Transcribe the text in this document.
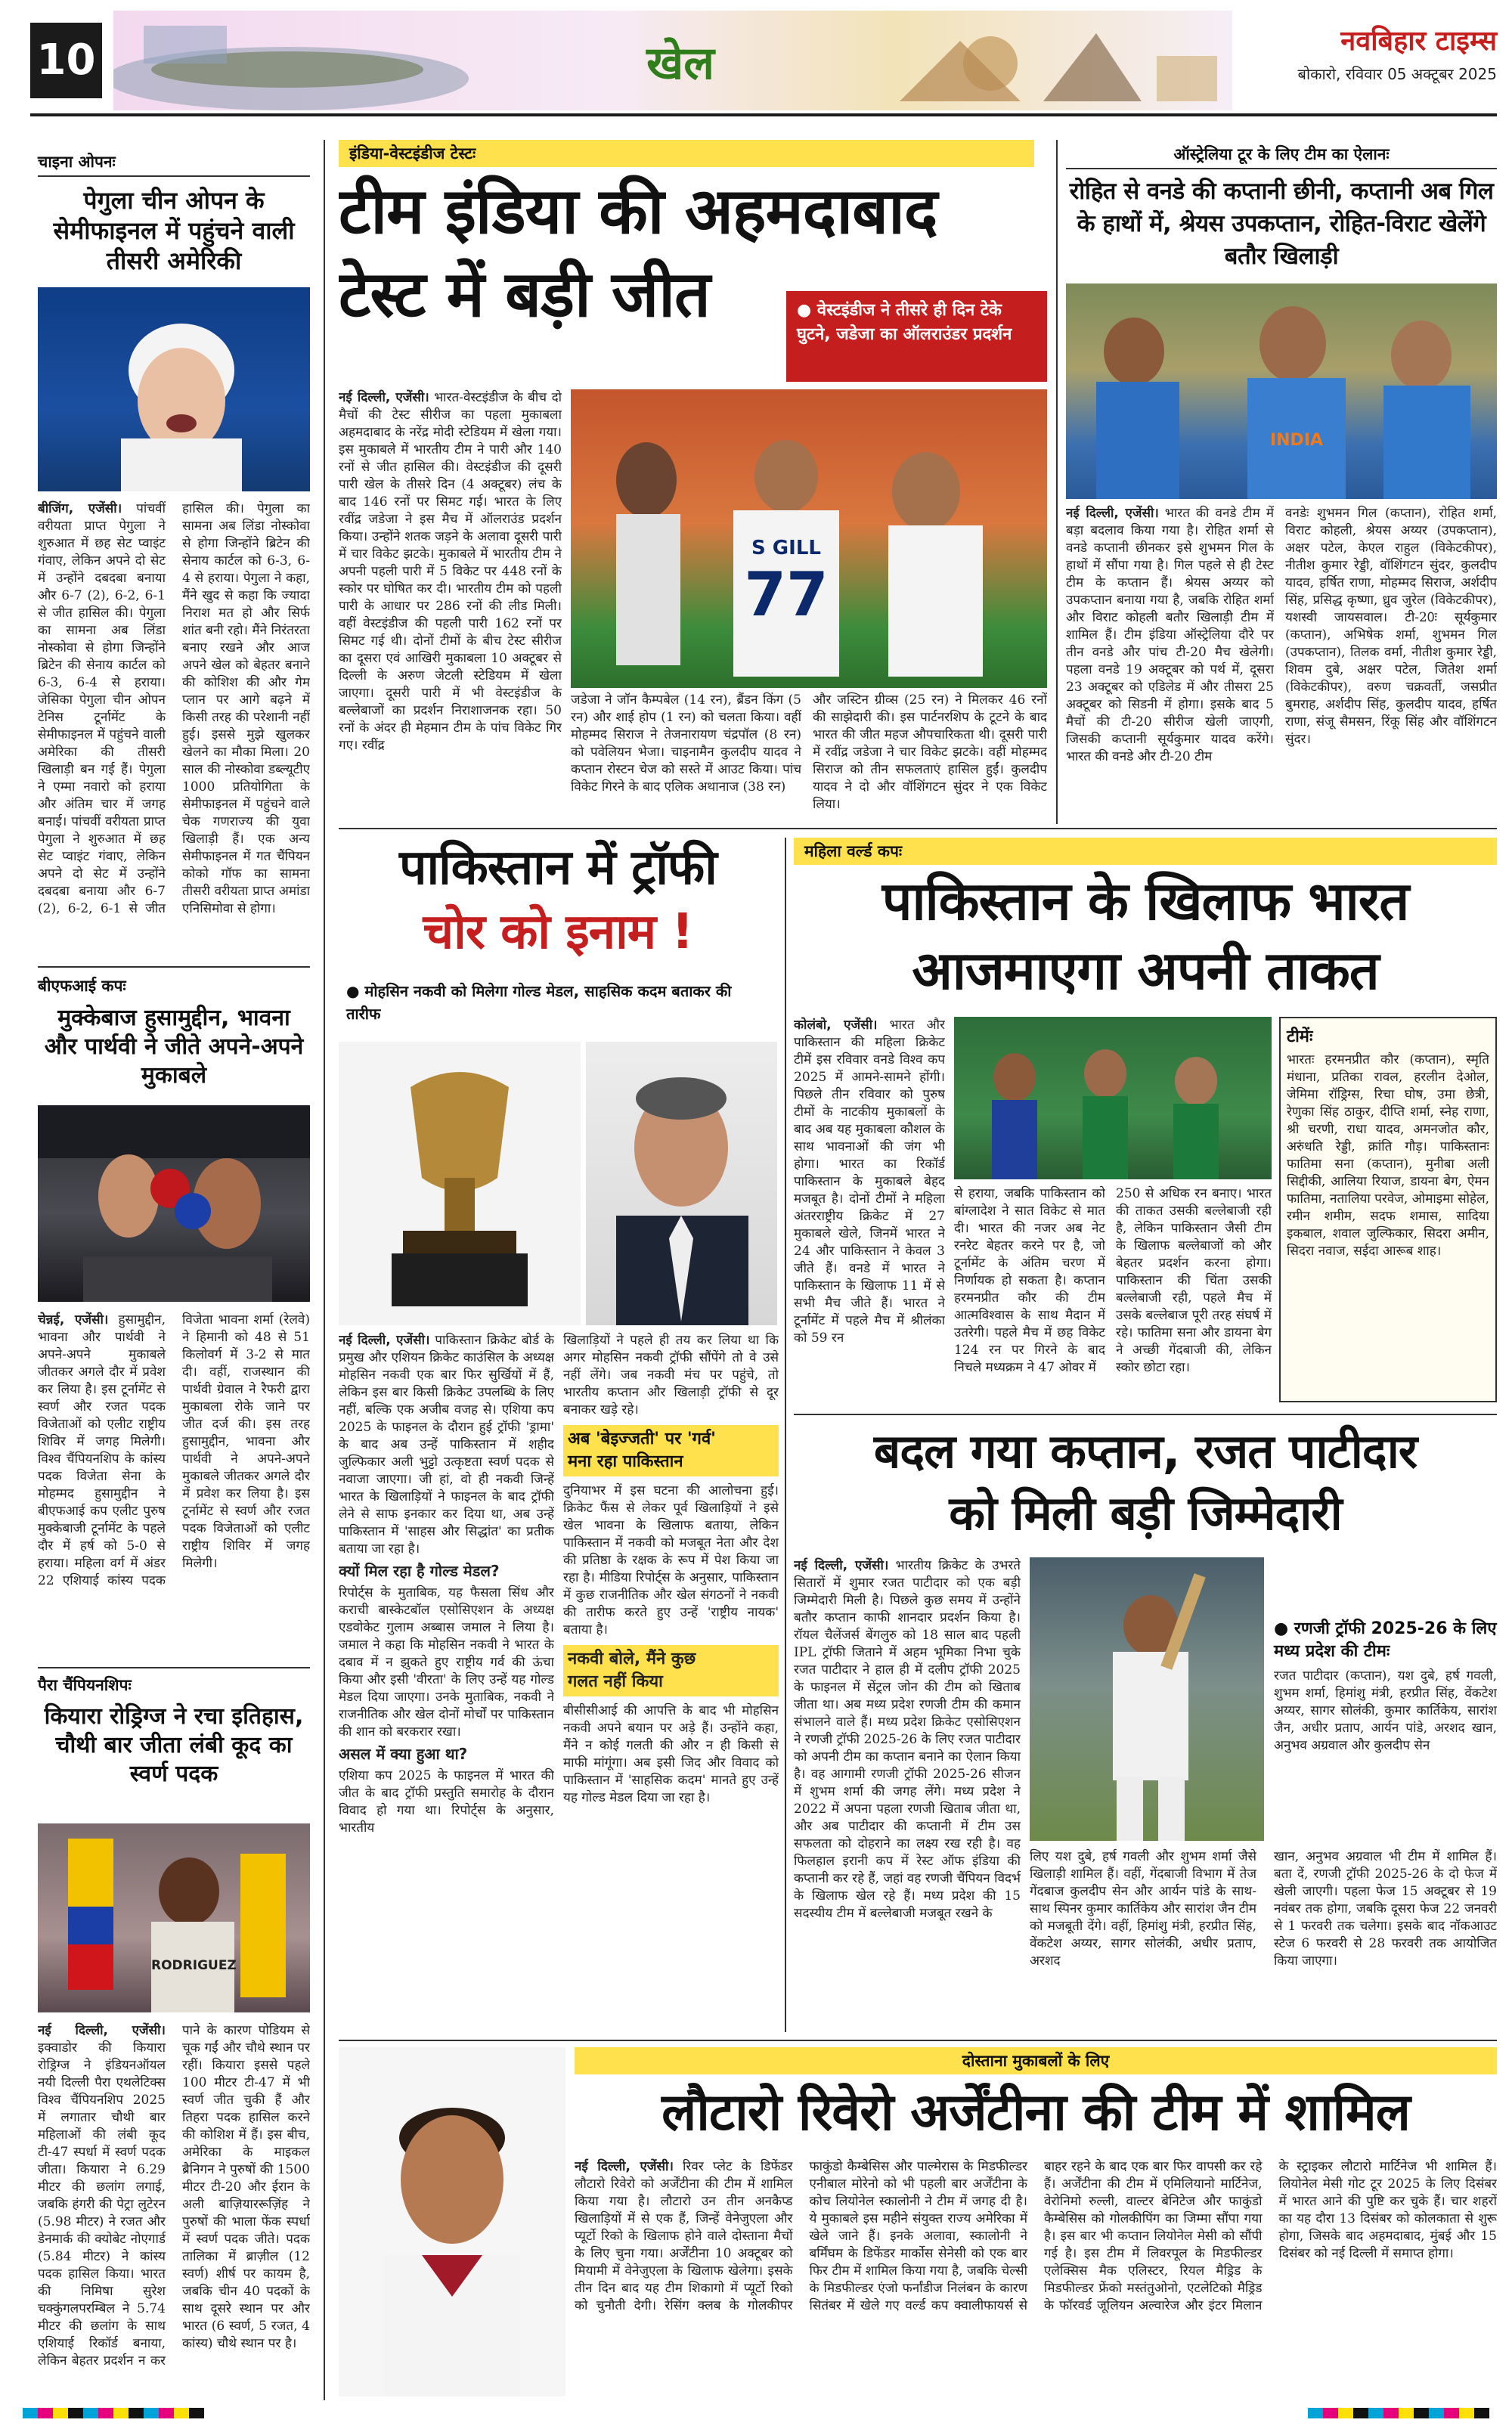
10	खेल	नवबिहार टाइम्स
बोकारो, रविवार 05 अक्टूबर 2025
चाइना ओपनः
पेगुला चीन ओपन के सेमीफाइनल में पहुंचने वाली तीसरी अमेरिकी
बीजिंग, एजेंसी। पांचवीं वरीयता प्राप्त पेगुला ने शुरुआत में छह सेट प्वाइंट गंवाए, लेकिन अपने दो सेट में उन्होंने दबदबा बनाया और 6-7 (2), 6-2, 6-1 से जीत हासिल की। पेगुला का सामना अब लिंडा नोस्कोवा से होगा जिन्होंने ब्रिटेन की सेनाय कार्टल को 6-3, 6-4 से हराया। जेसिका पेगुला चीन ओपन टेनिस टूर्नामेंट के सेमीफाइनल में पहुंचने वाली अमेरिका की तीसरी खिलाड़ी बन गई हैं। पेगुला ने एम्मा नवारो को हराया और अंतिम चार में जगह बनाई। पांचवीं वरीयता प्राप्त पेगुला ने शुरुआत में छह सेट प्वाइंट गंवाए, लेकिन अपने दो सेट में उन्होंने दबदबा बनाया और 6-7 (2), 6-2, 6-1 से जीत हासिल की। पेगुला का सामना अब लिंडा नोस्कोवा से होगा जिन्होंने ब्रिटेन की सेनाय कार्टल को 6-3, 6-4 से हराया। पेगुला ने कहा, मैंने खुद से कहा कि ज्यादा निराश मत हो और सिर्फ शांत बनी रहो। मैंने निरंतरता बनाए रखने और आज अपने खेल को बेहतर बनाने की कोशिश की और गेम प्लान पर आगे बढ़ने में किसी तरह की परेशानी नहीं हुई। इससे मुझे खुलकर खेलने का मौका मिला। 20 साल की नोस्कोवा डब्ल्यूटीए 1000 प्रतियोगिता के सेमीफाइनल में पहुंचने वाले चेक गणराज्य की युवा खिलाड़ी हैं। एक अन्य सेमीफाइनल में गत चैंपियन कोको गॉफ का सामना तीसरी वरीयता प्राप्त अमांडा एनिसिमोवा से होगा।
बीएफआई कपः
मुक्केबाज हुसामुद्दीन, भावना और पार्थवी ने जीते अपने-अपने मुकाबले
चेन्नई, एजेंसी। हुसामुद्दीन, भावना और पार्थवी ने अपने-अपने मुकाबले जीतकर अगले दौर में प्रवेश कर लिया है। इस टूर्नामेंट से स्वर्ण और रजत पदक विजेताओं को एलीट राष्ट्रीय शिविर में जगह मिलेगी। विश्व चैंपियनशिप के कांस्य पदक विजेता सेना के मोहम्मद हुसामुद्दीन ने बीएफआई कप एलीट पुरुष मुक्केबाजी टूर्नामेंट के पहले दौर में हर्ष को 5-0 से हराया। महिला वर्ग में अंडर 22 एशियाई कांस्य पदक विजेता भावना शर्मा (रेलवे) ने हिमानी को 48 से 51 किलोवर्ग में 3-2 से मात दी। वहीं, राजस्थान की पार्थवी ग्रेवाल ने रैफरी द्वारा मुकाबला रोके जाने पर जीत दर्ज की। इस तरह हुसामुद्दीन, भावना और पार्थवी ने अपने-अपने मुकाबले जीतकर अगले दौर में प्रवेश कर लिया है। इस टूर्नामेंट से स्वर्ण और रजत पदक विजेताओं को एलीट राष्ट्रीय शिविर में जगह मिलेगी।
पैरा चैंपियनशिपः
कियारा रोड्रिग्ज ने रचा इतिहास, चौथी बार जीता लंबी कूद का स्वर्ण पदक
RODRIGUEZ
नई दिल्ली, एजेंसी। इक्वाडोर की कियारा रोड्रिग्ज ने इंडियनऑयल नयी दिल्ली पैरा एथलेटिक्स विश्व चैंपियनशिप 2025 में लगातार चौथी बार महिलाओं की लंबी कूद टी-47 स्पर्धा में स्वर्ण पदक जीता। कियारा ने 6.29 मीटर की छलांग लगाई, जबकि हंगरी की पेट्रा लुटेरन (5.98 मीटर) ने रजत और डेनमार्क की क्योबेट नोएगार्ड (5.84 मीटर) ने कांस्य पदक हासिल किया। भारत की निमिषा सुरेश चक्कुंगलपरम्बिल ने 5.74 मीटर की छलांग के साथ एशियाई रिकॉर्ड बनाया, लेकिन बेहतर प्रदर्शन न कर पाने के कारण पोडियम से चूक गईं और चौथे स्थान पर रहीं। कियारा इससे पहले 100 मीटर टी-47 में भी स्वर्ण जीत चुकी हैं और तिहरा पदक हासिल करने की कोशिश में हैं। इस बीच, अमेरिका के माइकल ब्रैनिगन ने पुरुषों की 1500 मीटर टी-20 और ईरान के अली बाज़ियाररूज़िंह ने पुरुषों की भाला फेंक स्पर्धा में स्वर्ण पदक जीते। पदक तालिका में ब्राज़ील (12 स्वर्ण) शीर्ष पर कायम है, जबकि चीन 40 पदकों के साथ दूसरे स्थान पर और भारत (6 स्वर्ण, 5 रजत, 4 कांस्य) चौथे स्थान पर है।
इंडिया-वेस्टइंडीज टेस्टः
टीम इंडिया की अहमदाबाद
टेस्ट में बड़ी जीत	● वेस्टइंडीज ने तीसरे ही दिन टेके
घुटने, जडेजा का ऑलराउंडर प्रदर्शन
S GILL
77
नई दिल्ली, एजेंसी। भारत-वेस्टइंडीज के बीच दो मैचों की टेस्ट सीरीज का पहला मुकाबला अहमदाबाद के नरेंद्र मोदी स्टेडियम में खेला गया। इस मुकाबले में भारतीय टीम ने पारी और 140 रनों से जीत हासिल की। वेस्टइंडीज की दूसरी पारी खेल के तीसरे दिन (4 अक्टूबर) लंच के बाद 146 रनों पर सिमट गई। भारत के लिए रवींद्र जडेजा ने इस मैच में ऑलराउंड प्रदर्शन किया। उन्होंने शतक जड़ने के अलावा दूसरी पारी में चार विकेट झटके। मुकाबले में भारतीय टीम ने अपनी पहली पारी में 5 विकेट पर 448 रनों के स्कोर पर घोषित कर दी। भारतीय टीम को पहली पारी के आधार पर 286 रनों की लीड मिली। वहीं वेस्टइंडीज की पहली पारी 162 रनों पर सिमट गई थी। दोनों टीमों के बीच टेस्ट सीरीज का दूसरा एवं आखिरी मुकाबला 10 अक्टूबर से दिल्ली के अरुण जेटली स्टेडियम में खेला जाएगा। दूसरी पारी में भी वेस्टइंडीज के बल्लेबाजों का प्रदर्शन निराशाजनक रहा। 50 रनों के अंदर ही मेहमान टीम के पांच विकेट गिर गए। रवींद्र
जडेजा ने जॉन कैम्पबेल (14 रन), ब्रैंडन किंग (5 रन) और शाई होप (1 रन) को चलता किया। वहीं मोहम्मद सिराज ने तेजनारायण चंद्रपॉल (8 रन) को पवेलियन भेजा। चाइनामैन कुलदीप यादव ने कप्तान रोस्टन चेज को सस्ते में आउट किया। पांच विकेट गिरने के बाद एलिक अथानाज (38 रन)
और जस्टिन ग्रीव्स (25 रन) ने मिलकर 46 रनों की साझेदारी की। इस पार्टनरशिप के टूटने के बाद भारत की जीत महज औपचारिकता थी। दूसरी पारी में रवींद्र जडेजा ने चार विकेट झटके। वहीं मोहम्मद सिराज को तीन सफलताएं हासिल हुईं। कुलदीप यादव ने दो और वॉशिंगटन सुंदर ने एक विकेट लिया।
ऑस्ट्रेलिया टूर के लिए टीम का ऐलानः
रोहित से वनडे की कप्तानी छीनी, कप्तानी अब गिल के हाथों में, श्रेयस उपकप्तान, रोहित-विराट खेलेंगे बतौर खिलाड़ी
INDIA
नई दिल्ली, एजेंसी। भारत की वनडे टीम में बड़ा बदलाव किया गया है। रोहित शर्मा से वनडे कप्तानी छीनकर इसे शुभमन गिल के हाथों में सौंपा गया है। गिल पहले से ही टेस्ट टीम के कप्तान हैं। श्रेयस अय्यर को उपकप्तान बनाया गया है, जबकि रोहित शर्मा और विराट कोहली बतौर खिलाड़ी टीम में शामिल हैं। टीम इंडिया ऑस्ट्रेलिया दौरे पर तीन वनडे और पांच टी-20 मैच खेलेगी। पहला वनडे 19 अक्टूबर को पर्थ में, दूसरा 23 अक्टूबर को एडिलेड में और तीसरा 25 अक्टूबर को सिडनी में होगा। इसके बाद 5 मैचों की टी-20 सीरीज खेली जाएगी, जिसकी कप्तानी सूर्यकुमार यादव करेंगे। भारत की वनडे और टी-20 टीम
वनडेः शुभमन गिल (कप्तान), रोहित शर्मा, विराट कोहली, श्रेयस अय्यर (उपकप्तान), अक्षर पटेल, केएल राहुल (विकेटकीपर), नीतीश कुमार रेड्डी, वॉशिंगटन सुंदर, कुलदीप यादव, हर्षित राणा, मोहम्मद सिराज, अर्शदीप सिंह, प्रसिद्ध कृष्णा, ध्रुव जुरेल (विकेटकीपर), यशस्वी जायसवाल। टी-20ः सूर्यकुमार (कप्तान), अभिषेक शर्मा, शुभमन गिल (उपकप्तान), तिलक वर्मा, नीतीश कुमार रेड्डी, शिवम दुबे, अक्षर पटेल, जितेश शर्मा (विकेटकीपर), वरुण चक्रवर्ती, जसप्रीत बुमराह, अर्शदीप सिंह, कुलदीप यादव, हर्षित राणा, संजू सैमसन, रिंकू सिंह और वॉशिंगटन सुंदर।
पाकिस्तान में ट्रॉफी
चोर को इनाम !
● मोहसिन नकवी को मिलेगा गोल्ड मेडल, साहसिक कदम बताकर की तारीफ
नई दिल्ली, एजेंसी। पाकिस्तान क्रिकेट बोर्ड के प्रमुख और एशियन क्रिकेट काउंसिल के अध्यक्ष मोहसिन नकवी एक बार फिर सुर्खियों में हैं, लेकिन इस बार किसी क्रिकेट उपलब्धि के लिए नहीं, बल्कि एक अजीब वजह से। एशिया कप 2025 के फाइनल के दौरान हुई ट्रॉफी 'ड्रामा' के बाद अब उन्हें पाकिस्तान में शहीद जुल्फिकार अली भुट्टो उत्कृष्टता स्वर्ण पदक से नवाजा जाएगा। जी हां, वो ही नकवी जिन्हें भारत के खिलाड़ियों ने फाइनल के बाद ट्रॉफी लेने से साफ इनकार कर दिया था, अब उन्हें पाकिस्तान में 'साहस और सिद्धांत' का प्रतीक बताया जा रहा है।
क्यों मिल रहा है गोल्ड मेडल?
रिपोर्ट्स के मुताबिक, यह फैसला सिंध और कराची बास्केटबॉल एसोसिएशन के अध्यक्ष एडवोकेट गुलाम अब्बास जमाल ने लिया है। जमाल ने कहा कि मोहसिन नकवी ने भारत के दबाव में न झुकते हुए राष्ट्रीय गर्व की ऊंचा किया और इसी 'वीरता' के लिए उन्हें यह गोल्ड मेडल दिया जाएगा। उनके मुताबिक, नकवी ने राजनीतिक और खेल दोनों मोर्चों पर पाकिस्तान की शान को बरकरार रखा।
असल में क्या हुआ था?
एशिया कप 2025 के फाइनल में भारत की जीत के बाद ट्रॉफी प्रस्तुति समारोह के दौरान विवाद हो गया था। रिपोर्ट्स के अनुसार, भारतीय
खिलाड़ियों ने पहले ही तय कर लिया था कि अगर मोहसिन नकवी ट्रॉफी सौंपेंगे तो वे उसे नहीं लेंगे। जब नकवी मंच पर पहुंचे, तो भारतीय कप्तान और खिलाड़ी ट्रॉफी से दूर बनाकर खड़े रहे।
अब 'बेइज्जती' पर 'गर्व'
मना रहा पाकिस्तान
दुनियाभर में इस घटना की आलोचना हुई। क्रिकेट फैंस से लेकर पूर्व खिलाड़ियों ने इसे खेल भावना के खिलाफ बताया, लेकिन पाकिस्तान में नकवी को मजबूत नेता और देश की प्रतिष्ठा के रक्षक के रूप में पेश किया जा रहा है। मीडिया रिपोर्ट्स के अनुसार, पाकिस्तान में कुछ राजनीतिक और खेल संगठनों ने नकवी की तारीफ करते हुए उन्हें 'राष्ट्रीय नायक' बताया है।
नकवी बोले, मैंने कुछ
गलत नहीं किया
बीसीसीआई की आपत्ति के बाद भी मोहसिन नकवी अपने बयान पर अड़े हैं। उन्होंने कहा, मैंने न कोई गलती की और न ही किसी से माफी मांगूंगा। अब इसी जिद और विवाद को पाकिस्तान में 'साहसिक कदम' मानते हुए उन्हें यह गोल्ड मेडल दिया जा रहा है।
महिला वर्ल्ड कपः
पाकिस्तान के खिलाफ भारत
आजमाएगा अपनी ताकत
कोलंबो, एजेंसी। भारत और पाकिस्तान की महिला क्रिकेट टीमें इस रविवार वनडे विश्व कप 2025 में आमने-सामने होंगी। पिछले तीन रविवार को पुरुष टीमों के नाटकीय मुकाबलों के बाद अब यह मुकाबला कौशल के साथ भावनाओं की जंग भी होगा। भारत का रिकॉर्ड पाकिस्तान के मुकाबले बेहद मजबूत है। दोनों टीमों ने महिला अंतरराष्ट्रीय क्रिकेट में 27 मुकाबले खेले, जिनमें भारत ने 24 और पाकिस्तान ने केवल 3 जीते हैं। वनडे में भारत ने पाकिस्तान के खिलाफ 11 में से सभी मैच जीते हैं। भारत ने टूर्नामेंट में पहले मैच में श्रीलंका को 59 रन
से हराया, जबकि पाकिस्तान को बांग्लादेश ने सात विकेट से मात दी। भारत की नजर अब नेट रनरेट बेहतर करने पर है, जो टूर्नामेंट के अंतिम चरण में निर्णायक हो सकता है। कप्तान हरमनप्रीत कौर की टीम आत्मविश्वास के साथ मैदान में उतरेगी। पहले मैच में छह विकेट 124 रन पर गिरने के बाद निचले मध्यक्रम ने 47 ओवर में
250 से अधिक रन बनाए। भारत की ताकत उसकी बल्लेबाजी रही है, लेकिन पाकिस्तान जैसी टीम के खिलाफ बल्लेबाजों को और बेहतर प्रदर्शन करना होगा। पाकिस्तान की चिंता उसकी बल्लेबाजी रही, पहले मैच में उसके बल्लेबाज पूरी तरह संघर्ष में रहे। फातिमा सना और डायना बेग ने अच्छी गेंदबाजी की, लेकिन स्कोर छोटा रहा।
टीमेंः
भारतः हरमनप्रीत कौर (कप्तान), स्मृति मंधाना, प्रतिका रावल, हरलीन देओल, जेमिमा रॉड्रिग्स, रिचा घोष, उमा छेत्री, रेणुका सिंह ठाकुर, दीप्ति शर्मा, स्नेह राणा, श्री चरणी, राधा यादव, अमनजोत कौर, अरुंधति रेड्डी, क्रांति गौड़। पाकिस्तानः फातिमा सना (कप्तान), मुनीबा अली सिद्दीकी, आलिया रियाज, डायना बेग, ऐमन फातिमा, नतालिया परवेज, ओमाइमा सोहेल, रमीन शमीम, सदफ शमास, सादिया इकबाल, शवाल जुल्फिकार, सिदरा अमीन, सिदरा नवाज, सईदा आरूब शाह।
बदल गया कप्तान, रजत पाटीदार
को मिली बड़ी जिम्मेदारी
नई दिल्ली, एजेंसी। भारतीय क्रिकेट के उभरते सितारों में शुमार रजत पाटीदार को एक बड़ी जिम्मेदारी मिली है। पिछले कुछ समय में उन्होंने बतौर कप्तान काफी शानदार प्रदर्शन किया है। रॉयल चैलेंजर्स बेंगलुरु को 18 साल बाद पहली IPL ट्रॉफी जिताने में अहम भूमिका निभा चुके रजत पाटीदार ने हाल ही में दलीप ट्रॉफी 2025 के फाइनल में सेंट्रल जोन की टीम को खिताब जीता था। अब मध्य प्रदेश रणजी टीम की कमान संभालने वाले हैं। मध्य प्रदेश क्रिकेट एसोसिएशन ने रणजी ट्रॉफी 2025-26 के लिए रजत पाटीदार को अपनी टीम का कप्तान बनाने का ऐलान किया है। वह आगामी रणजी ट्रॉफी 2025-26 सीजन में शुभम शर्मा की जगह लेंगे। मध्य प्रदेश ने 2022 में अपना पहला रणजी खिताब जीता था, और अब पाटीदार की कप्तानी में टीम उस सफलता को दोहराने का लक्ष्य रख रही है। वह फिलहाल इरानी कप में रेस्ट ऑफ इंडिया की कप्तानी कर रहे हैं, जहां वह रणजी चैंपियन विदर्भ के खिलाफ खेल रहे हैं। मध्य प्रदेश की 15 सदस्यीय टीम में बल्लेबाजी मजबूत रखने के
● रणजी ट्रॉफी 2025-26 के लिए मध्य प्रदेश की टीमः
रजत पाटीदार (कप्तान), यश दुबे, हर्ष गवली, शुभम शर्मा, हिमांशु मंत्री, हरप्रीत सिंह, वेंकटेश अय्यर, सागर सोलंकी, कुमार कार्तिकेय, सारांश जैन, अधीर प्रताप, आर्यन पांडे, अरशद खान, अनुभव अग्रवाल और कुलदीप सेन
लिए यश दुबे, हर्ष गवली और शुभम शर्मा जैसे खिलाड़ी शामिल हैं। वहीं, गेंदबाजी विभाग में तेज गेंदबाज कुलदीप सेन और आर्यन पांडे के साथ-साथ स्पिनर कुमार कार्तिकेय और सारांश जैन टीम को मजबूती देंगे। वहीं, हिमांशु मंत्री, हरप्रीत सिंह, वेंकटेश अय्यर, सागर सोलंकी, अधीर प्रताप, अरशद
खान, अनुभव अग्रवाल भी टीम में शामिल हैं। बता दें, रणजी ट्रॉफी 2025-26 के दो फेज में खेली जाएगी। पहला फेज 15 अक्टूबर से 19 नवंबर तक होगा, जबकि दूसरा फेज 22 जनवरी से 1 फरवरी तक चलेगा। इसके बाद नॉकआउट स्टेज 6 फरवरी से 28 फरवरी तक आयोजित किया जाएगा।
दोस्ताना मुकाबलों के लिए
लौटारो रिवेरो अर्जेंटीना की टीम में शामिल
नई दिल्ली, एजेंसी। रिवर प्लेट के डिफेंडर लौटारो रिवेरो को अर्जेंटीना की टीम में शामिल किया गया है। लौटारो उन तीन अनकैप्ड खिलाड़ियों में से एक हैं, जिन्हें वेनेजुएला और प्यूर्टो रिको के खिलाफ होने वाले दोस्ताना मैचों के लिए चुना गया। अर्जेंटीना 10 अक्टूबर को मियामी में वेनेजुएला के खिलाफ खेलेगा। इसके तीन दिन बाद यह टीम शिकागो में प्यूर्टो रिको को चुनौती देगी। रेसिंग क्लब के गोलकीपर फाकुंडो कैम्बेसिस और पाल्मेरास के मिडफील्डर एनीबाल मोरेनो को भी पहली बार अर्जेंटीना के कोच लियोनेल स्कालोनी ने टीम में जगह दी है। ये मुकाबले इस महीने संयुक्त राज्य अमेरिका में खेले जाने हैं। इनके अलावा, स्कालोनी ने बर्मिंघम के डिफेंडर मार्कोस सेनेसी को एक बार फिर टीम में शामिल किया गया है, जबकि चेल्सी के मिडफील्डर एंजो फर्नांडीज निलंबन के कारण सितंबर में खेले गए वर्ल्ड कप क्वालीफायर्स से बाहर रहने के बाद एक बार फिर वापसी कर रहे हैं। अर्जेंटीना की टीम में एमिलियानो मार्टिनेज, वेरोनिमो रुल्ली, वाल्टर बेनिटेज और फाकुंडो कैम्बेसिस को गोलकीपिंग का जिम्मा सौंपा गया है। इस बार भी कप्तान लियोनेल मेसी को सौंपी गई है। इस टीम में लिवरपूल के मिडफील्डर एलेक्सिस मैक एलिस्टर, रियल मैड्रिड के मिडफील्डर फ्रेंको मस्तंतुओनो, एटलेटिको मैड्रिड के फॉरवर्ड जूलियन अल्वारेज और इंटर मिलान के स्ट्राइकर लौटारो मार्टिनेज भी शामिल हैं। लियोनेल मेसी गोट टूर 2025 के लिए दिसंबर में भारत आने की पुष्टि कर चुके हैं। चार शहरों का यह दौरा 13 दिसंबर को कोलकाता से शुरू होगा, जिसके बाद अहमदाबाद, मुंबई और 15 दिसंबर को नई दिल्ली में समाप्त होगा।
